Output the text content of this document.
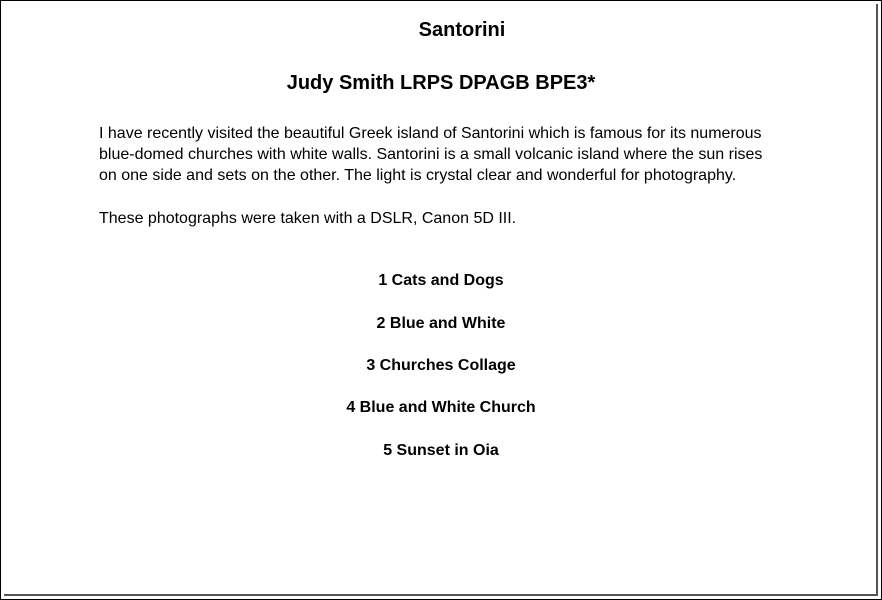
Santorini
Judy Smith LRPS DPAGB BPE3*

I have recently visited the beautiful Greek island of Santorini which is famous for its numerous
blue-domed churches with white walls. Santorini is a small volcanic island where the sun rises
on one side and sets on the other. The light is crystal clear and wonderful for photography.

These photographs were taken with a DSLR, Canon 5D III.

1 Cats and Dogs

2 Blue and White

3 Churches Collage

4 Blue and White Church

5 Sunset in Oia
